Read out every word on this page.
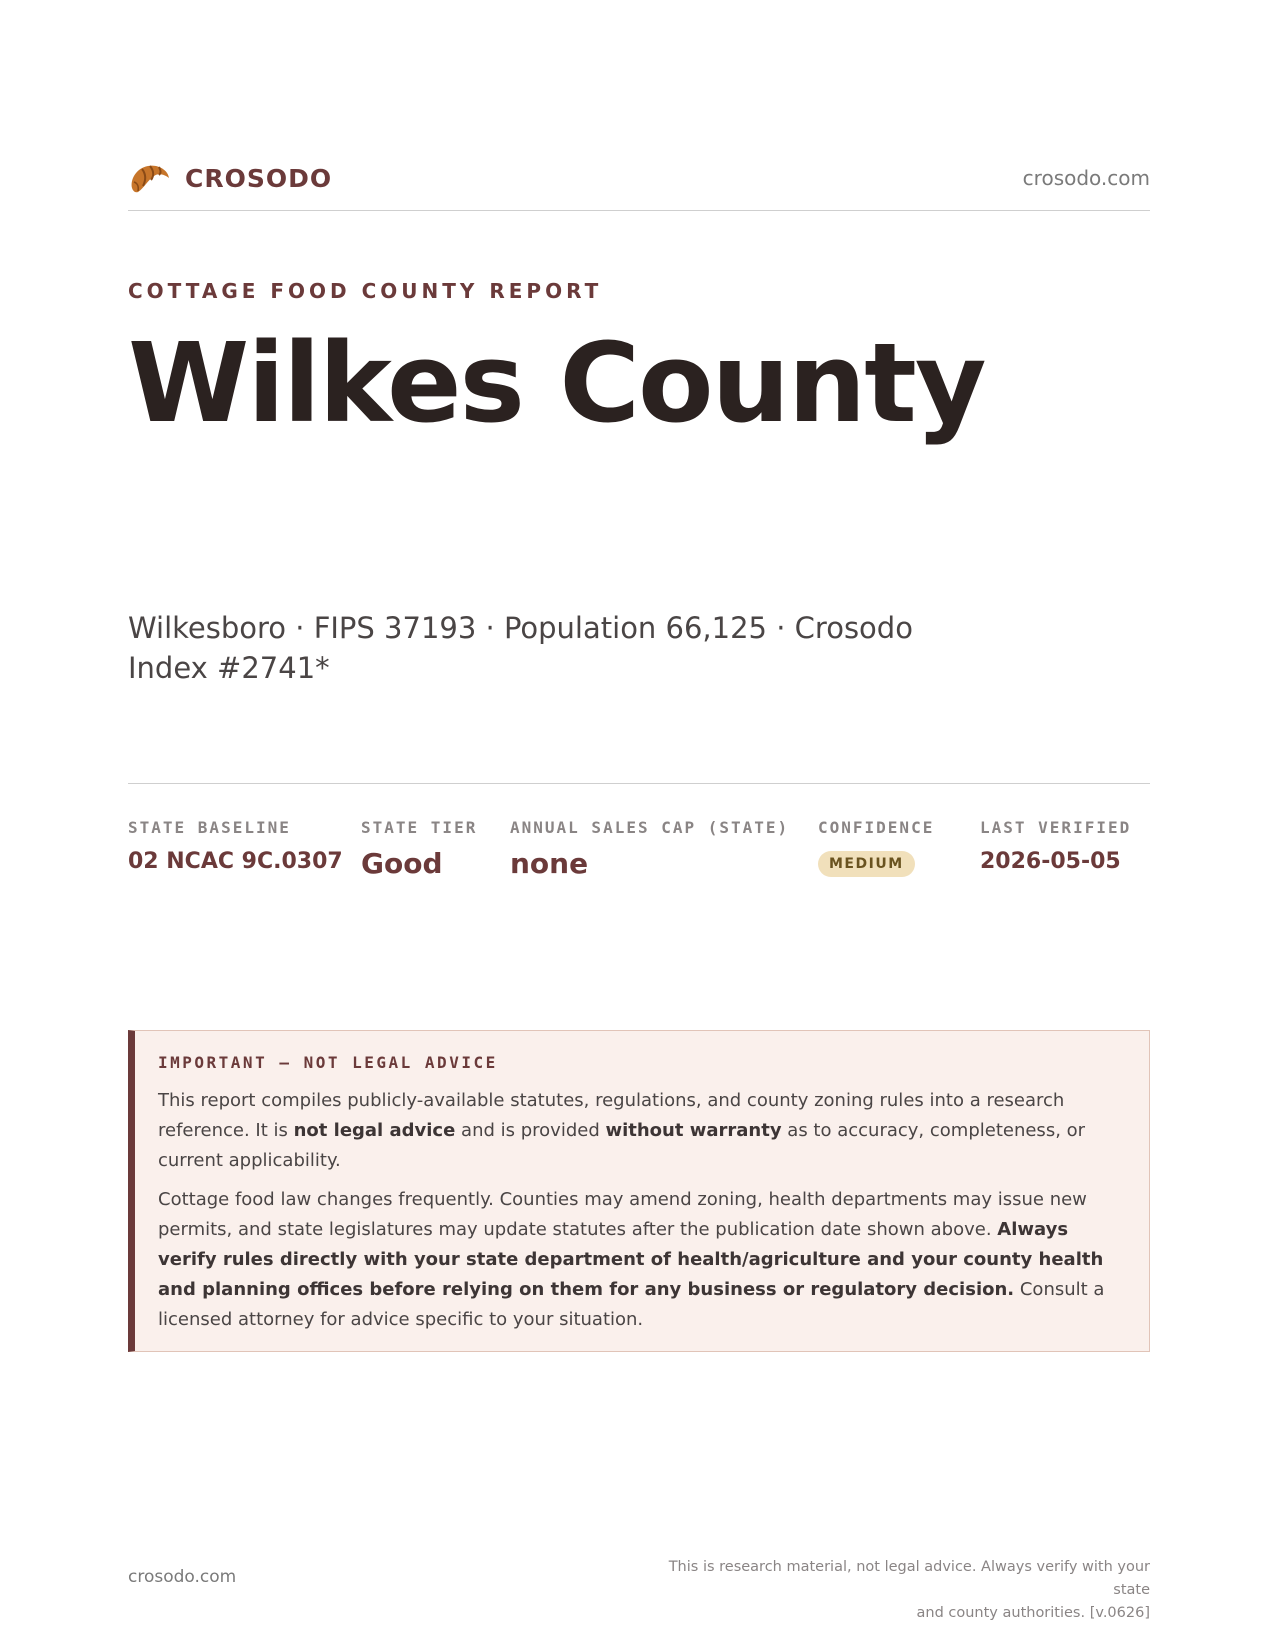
CROSODO	crosodo.com
COTTAGE FOOD COUNTY REPORT
Wilkes County
Wilkesboro · FIPS 37193 · Population 66,125 · Crosodo Index #2741*
STATE BASELINE
02 NCAC 9C.0307
STATE TIER
Good
ANNUAL SALES CAP (STATE)
none
CONFIDENCE
MEDIUM
LAST VERIFIED
2026-05-05
IMPORTANT — NOT LEGAL ADVICE

This report compiles publicly-available statutes, regulations, and county zoning rules into a research reference. It is not legal advice and is provided without warranty as to accuracy, completeness, or current applicability.

Cottage food law changes frequently. Counties may amend zoning, health departments may issue new permits, and state legislatures may update statutes after the publication date shown above. Always verify rules directly with your state department of health/agriculture and your county health and planning offices before relying on them for any business or regulatory decision. Consult a licensed attorney for advice specific to your situation.

crosodo.com	This is research material, not legal advice. Always verify with your state
and county authorities. [v.0626]
